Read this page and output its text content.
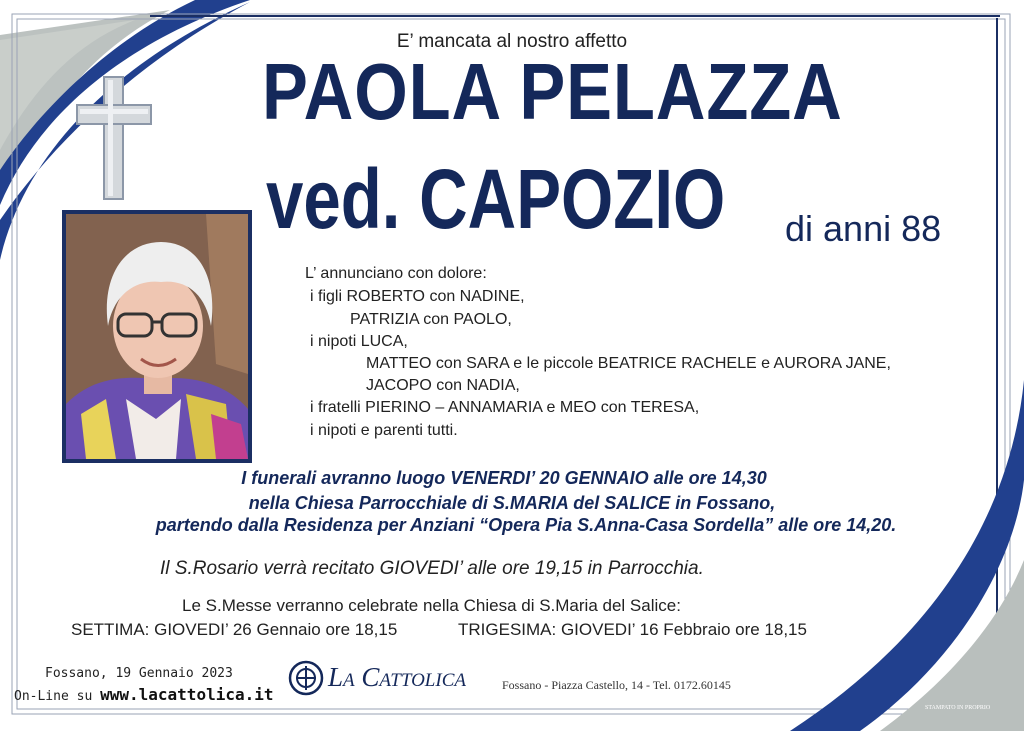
E’ mancata al nostro affetto
PAOLA PELAZZA
ved. CAPOZIO di anni 88
L’ annunciano con dolore:
i figli ROBERTO con NADINE,
PATRIZIA con PAOLO,
i nipoti LUCA,
MATTEO con SARA e le piccole BEATRICE RACHELE e AURORA JANE,
JACOPO con NADIA,
i fratelli PIERINO – ANNAMARIA e MEO con TERESA,
i nipoti e parenti tutti.
I funerali avranno luogo VENERDI’ 20 GENNAIO alle ore 14,30
nella Chiesa Parrocchiale di S.MARIA del SALICE in Fossano,
partendo dalla Residenza per Anziani “Opera Pia S.Anna-Casa Sordella” alle ore 14,20.
Il S.Rosario verrà recitato GIOVEDI’ alle ore 19,15 in Parrocchia.
Le S.Messe verranno celebrate nella Chiesa di S.Maria del Salice:
SETTIMA: GIOVEDI’ 26 Gennaio ore 18,15	TRIGESIMA: GIOVEDI’ 16 Febbraio ore 18,15
Fossano, 19 Gennaio 2023
On-Line su www.lacattolica.it
La Cattolica	Fossano - Piazza Castello, 14 - Tel. 0172.60145
STAMPATO IN PROPRIO
